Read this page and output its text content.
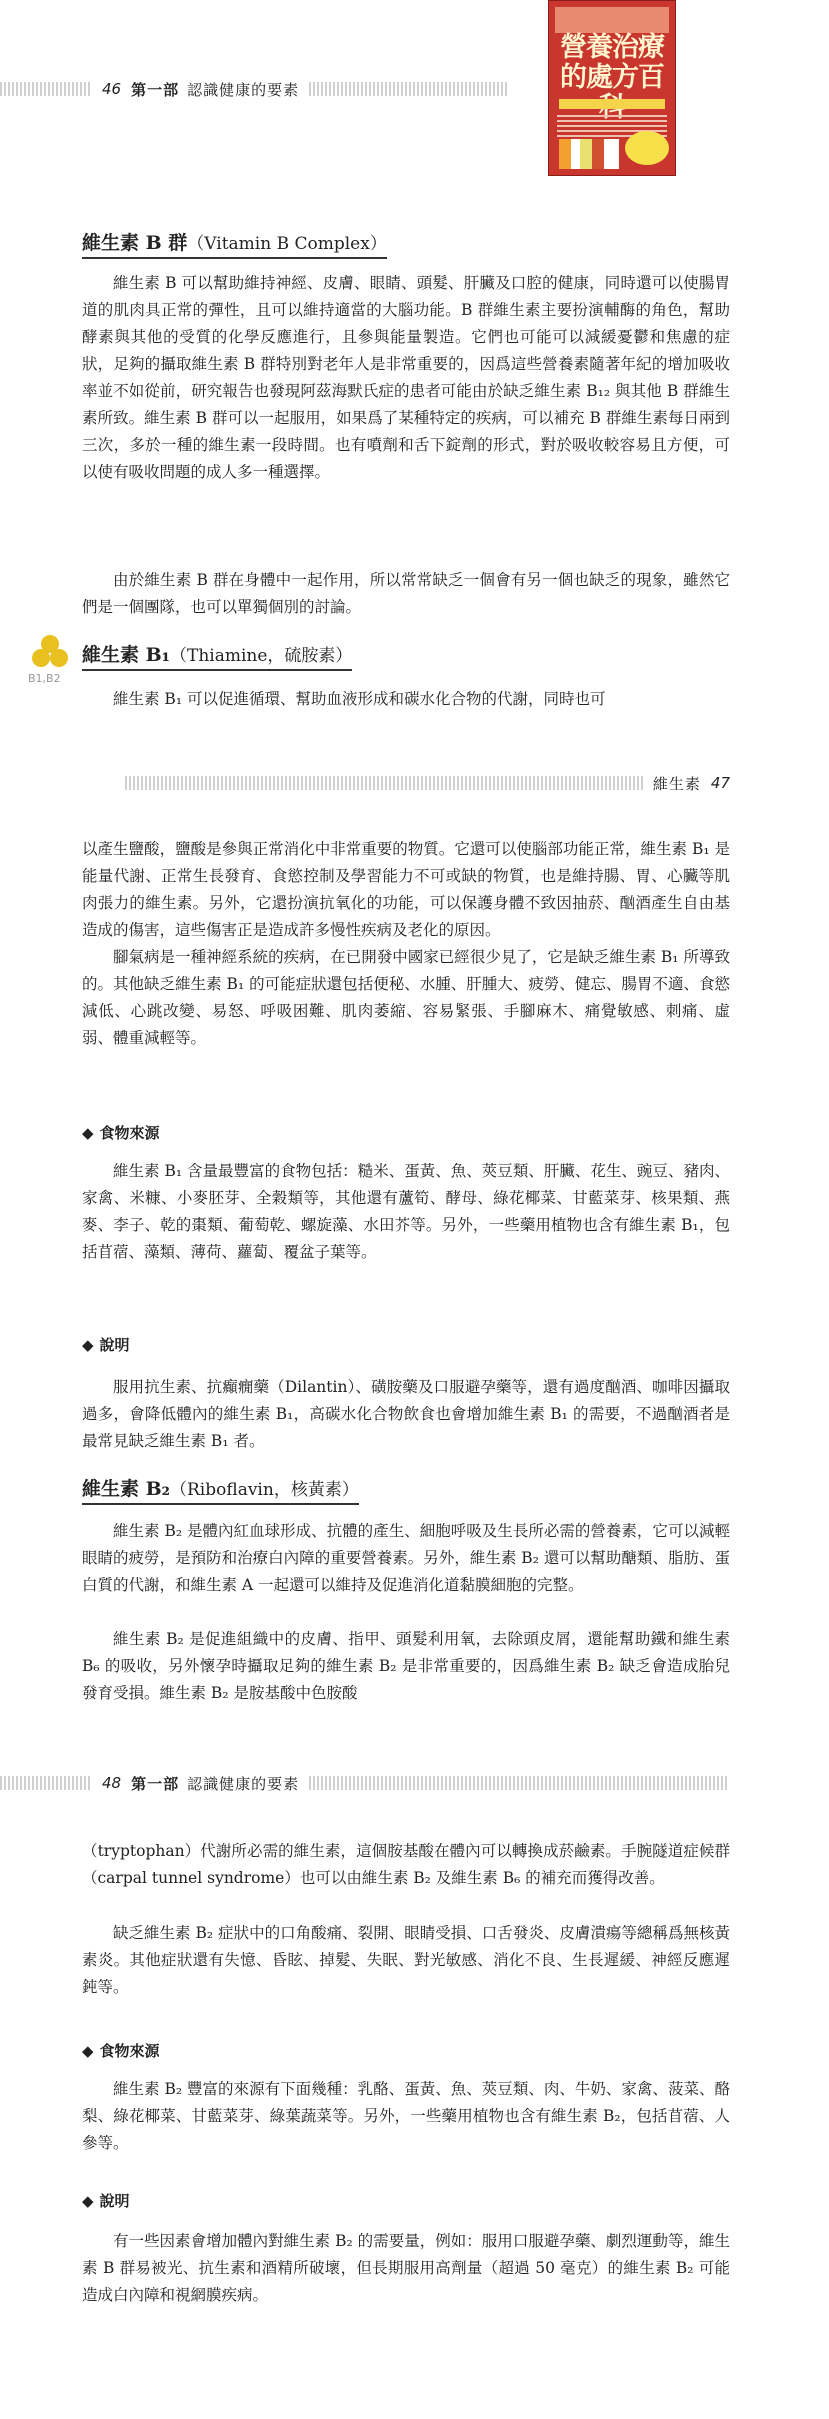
46 第一部 認識健康的要素
營養治療的處方百
維生素 B 群（Vitamin B Complex）

維生素 B 可以幫助維持神經、皮膚、眼睛、頭髮、肝臟及口腔的健康，同時還可以使腸胃道的肌肉具正常的彈性，且可以維持適當的大腦功能。B 群維生素主要扮演輔酶的角色，幫助酵素與其他的受質的化學反應進行，且參與能量製造。它們也可能可以減緩憂鬱和焦慮的症狀，足夠的攝取維生素 B 群特別對老年人是非常重要的，因爲這些營養素隨著年紀的增加吸收率並不如從前，研究報告也發現阿茲海默氏症的患者可能由於缺乏維生素 B₁₂ 與其他 B 群維生素所致。維生素 B 群可以一起服用，如果爲了某種特定的疾病，可以補充 B 群維生素每日兩到三次，多於一種的維生素一段時間。也有噴劑和舌下錠劑的形式，對於吸收較容易且方便，可以使有吸收問題的成人多一種選擇。

由於維生素 B 群在身體中一起作用，所以常常缺乏一個會有另一個也缺乏的現象，雖然它們是一個團隊，也可以單獨個別的討論。

B1,B2
維生素 B₁（Thiamine，硫胺素）

維生素 B₁ 可以促進循環、幫助血液形成和碳水化合物的代謝，同時也可

維生素 47

以產生鹽酸，鹽酸是參與正常消化中非常重要的物質。它還可以使腦部功能正常，維生素 B₁ 是能量代謝、正常生長發育、食慾控制及學習能力不可或缺的物質，也是維持腸、胃、心臟等肌肉張力的維生素。另外，它還扮演抗氧化的功能，可以保護身體不致因抽菸、酗酒產生自由基造成的傷害，這些傷害正是造成許多慢性疾病及老化的原因。

腳氣病是一種神經系統的疾病，在已開發中國家已經很少見了，它是缺乏維生素 B₁ 所導致的。其他缺乏維生素 B₁ 的可能症狀還包括便秘、水腫、肝腫大、疲勞、健忘、腸胃不適、食慾減低、心跳改變、易怒、呼吸困難、肌肉萎縮、容易緊張、手腳麻木、痛覺敏感、刺痛、虛弱、體重減輕等。

◆ 食物來源

維生素 B₁ 含量最豐富的食物包括：糙米、蛋黃、魚、莢豆類、肝臟、花生、豌豆、豬肉、家禽、米糠、小麥胚芽、全穀類等，其他還有蘆筍、酵母、綠花椰菜、甘藍菜芽、核果類、燕麥、李子、乾的棗類、葡萄乾、螺旋藻、水田芥等。另外，一些藥用植物也含有維生素 B₁，包括苜蓿、藻類、薄荷、蘿蔔、覆盆子葉等。

◆ 說明

服用抗生素、抗癲癇藥（Dilantin）、磺胺藥及口服避孕藥等，還有過度酗酒、咖啡因攝取過多，會降低體內的維生素 B₁，高碳水化合物飲食也會增加維生素 B₁ 的需要，不過酗酒者是最常見缺乏維生素 B₁ 者。

維生素 B₂（Riboflavin，核黃素）

維生素 B₂ 是體內紅血球形成、抗體的產生、細胞呼吸及生長所必需的營養素，它可以減輕眼睛的疲勞，是預防和治療白內障的重要營養素。另外，維生素 B₂ 還可以幫助醣類、脂肪、蛋白質的代謝，和維生素 A 一起還可以維持及促進消化道黏膜細胞的完整。

維生素 B₂ 是促進組織中的皮膚、指甲、頭髮利用氧，去除頭皮屑，還能幫助鐵和維生素 B₆ 的吸收，另外懷孕時攝取足夠的維生素 B₂ 是非常重要的，因爲維生素 B₂ 缺乏會造成胎兒發育受損。維生素 B₂ 是胺基酸中色胺酸

48 第一部 認識健康的要素

（tryptophan）代謝所必需的維生素，這個胺基酸在體內可以轉換成菸鹼素。手腕隧道症候群（carpal tunnel syndrome）也可以由維生素 B₂ 及維生素 B₆ 的補充而獲得改善。

缺乏維生素 B₂ 症狀中的口角酸痛、裂開、眼睛受損、口舌發炎、皮膚潰瘍等總稱爲無核黃素炎。其他症狀還有失憶、昏眩、掉髮、失眠、對光敏感、消化不良、生長遲緩、神經反應遲鈍等。

◆ 食物來源

維生素 B₂ 豐富的來源有下面幾種：乳酪、蛋黃、魚、莢豆類、肉、牛奶、家禽、菠菜、酪梨、綠花椰菜、甘藍菜芽、綠葉蔬菜等。另外，一些藥用植物也含有維生素 B₂，包括苜蓿、人參等。

◆ 說明

有一些因素會增加體內對維生素 B₂ 的需要量，例如：服用口服避孕藥、劇烈運動等，維生素 B 群易被光、抗生素和酒精所破壞，但長期服用高劑量（超過 50 毫克）的維生素 B₂ 可能造成白內障和視網膜疾病。
